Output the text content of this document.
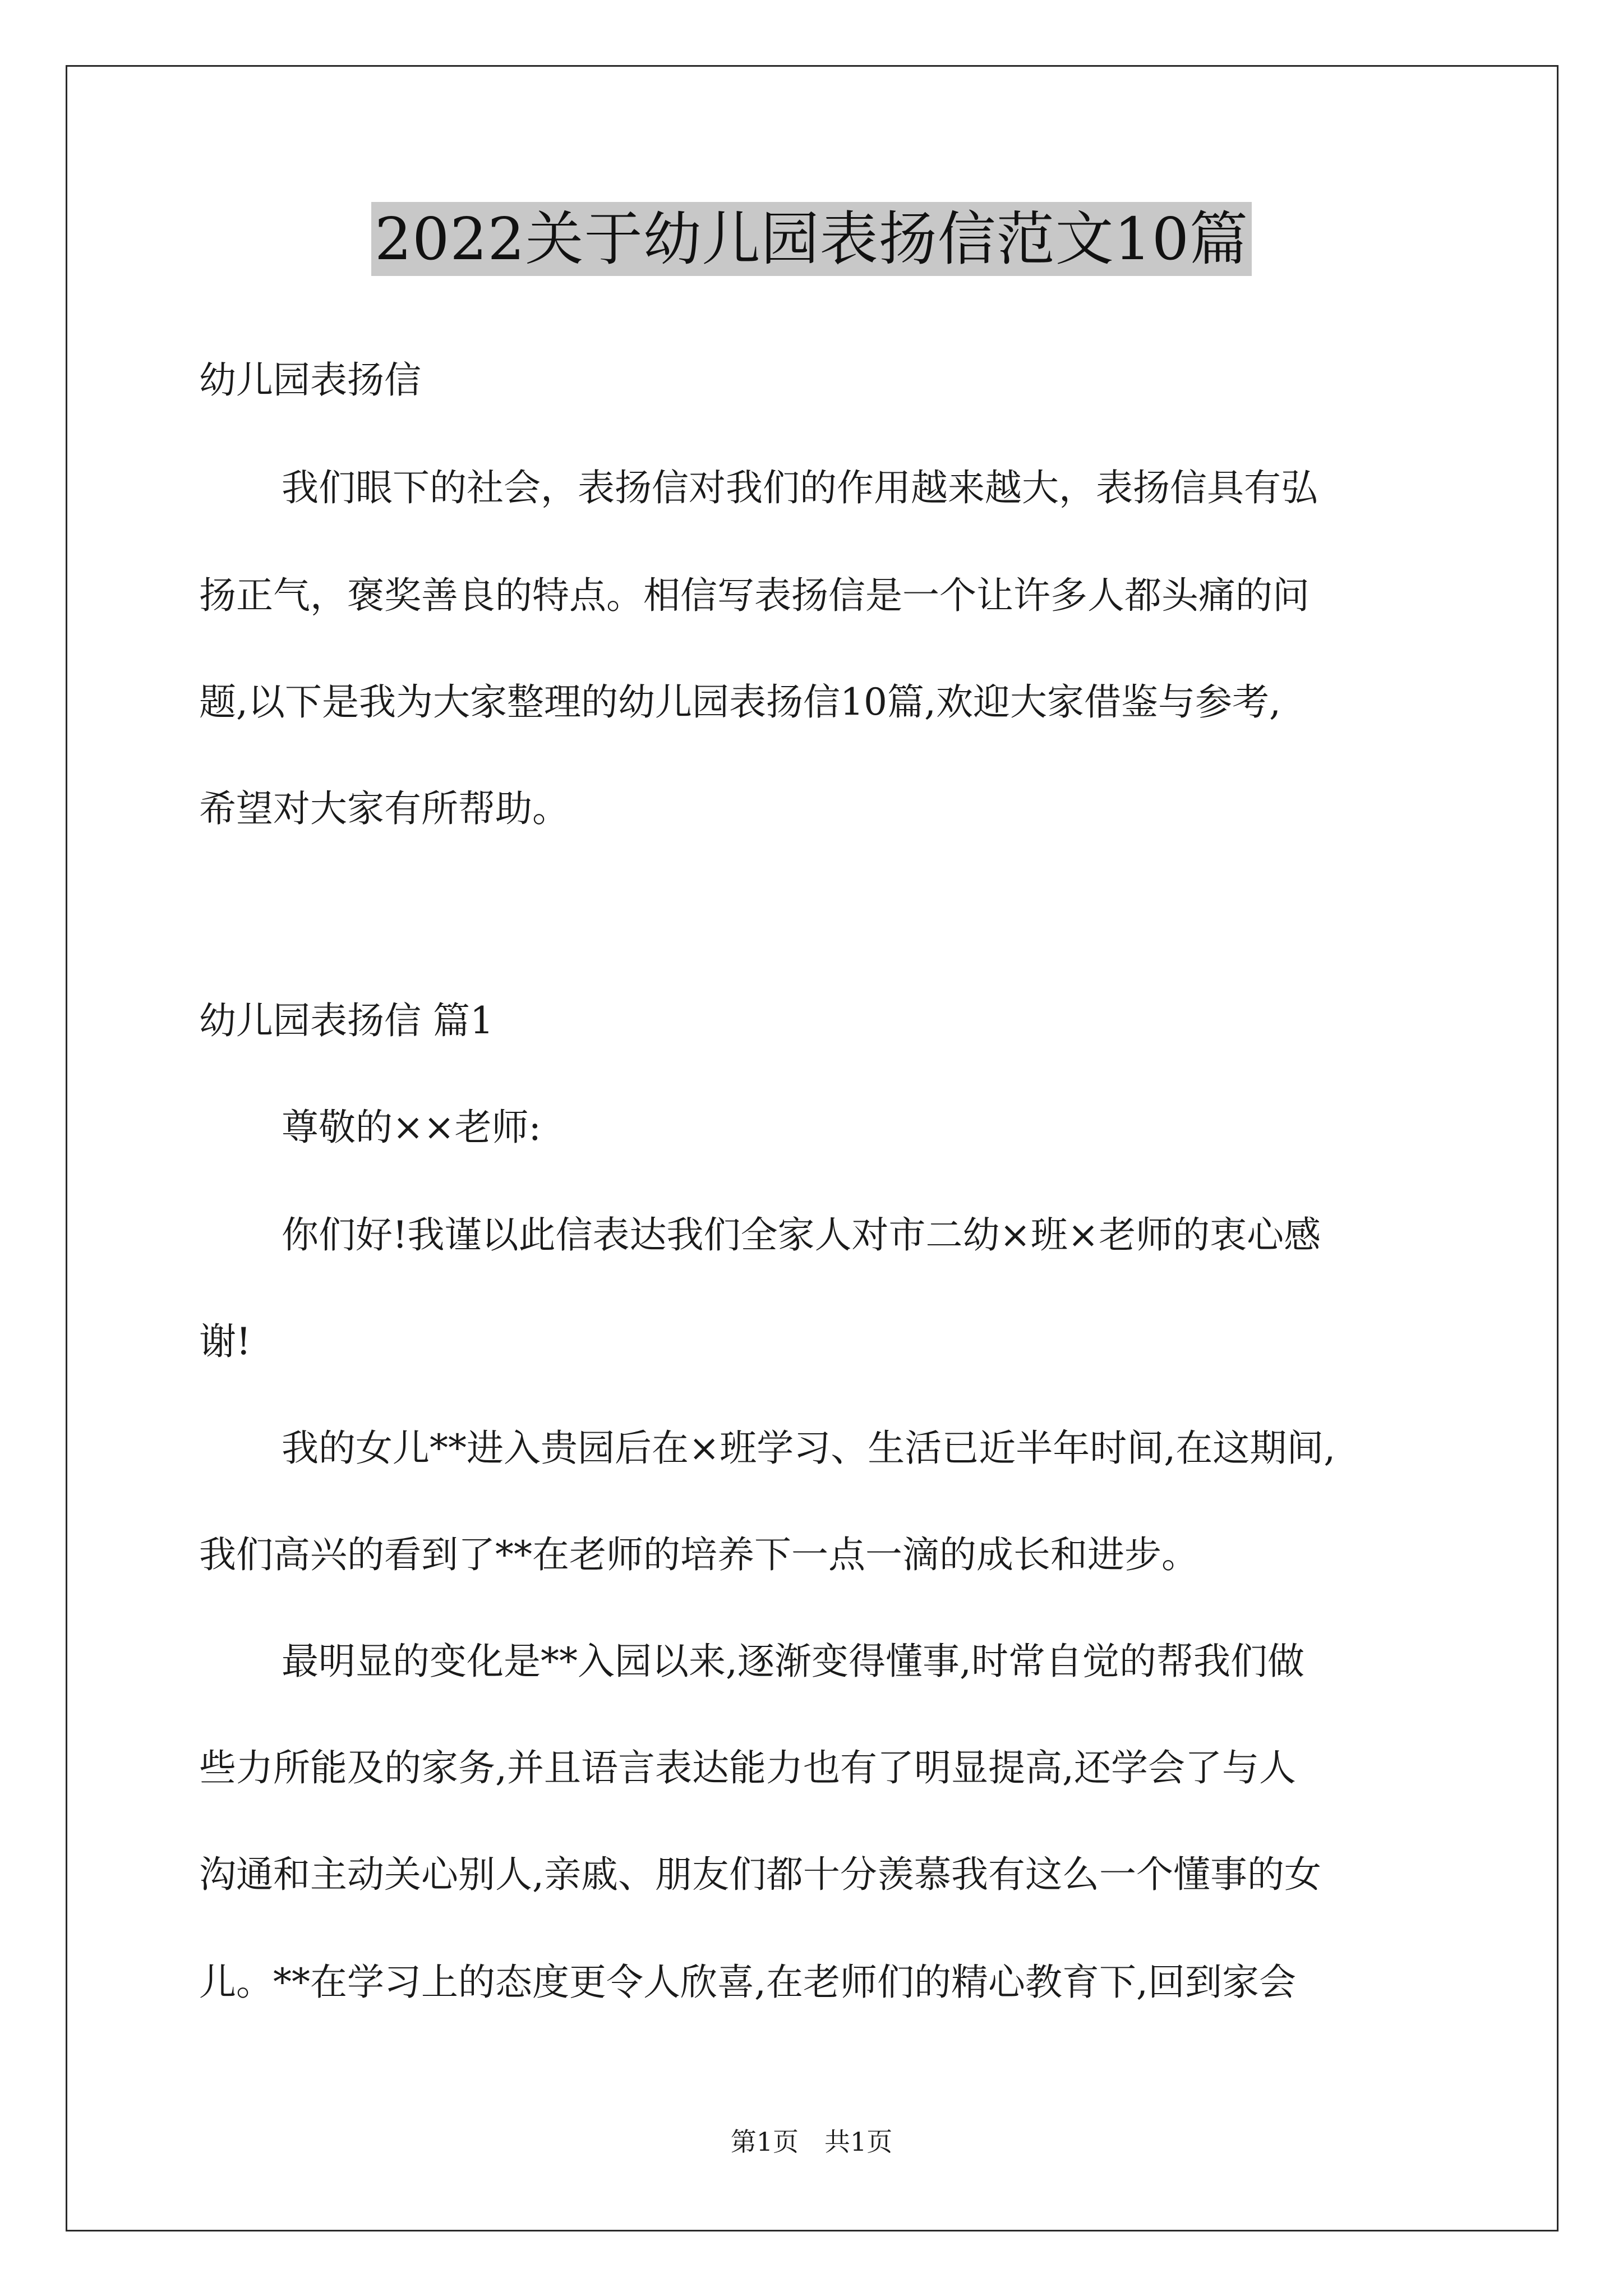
2022关于幼儿园表扬信范文10篇
幼儿园表扬信
我们眼下的社会，表扬信对我们的作用越来越大，表扬信具有弘
扬正气，褒奖善良的特点。相信写表扬信是一个让许多人都头痛的问
题,以下是我为大家整理的幼儿园表扬信10篇,欢迎大家借鉴与参考,
希望对大家有所帮助。
幼儿园表扬信 篇1
尊敬的××老师:
你们好!我谨以此信表达我们全家人对市二幼×班×老师的衷心感
谢!
我的女儿**进入贵园后在×班学习、生活已近半年时间,在这期间,
我们高兴的看到了**在老师的培养下一点一滴的成长和进步。
最明显的变化是**入园以来,逐渐变得懂事,时常自觉的帮我们做
些力所能及的家务,并且语言表达能力也有了明显提高,还学会了与人
沟通和主动关心别人,亲戚、朋友们都十分羡慕我有这么一个懂事的女
儿。**在学习上的态度更令人欣喜,在老师们的精心教育下,回到家会
第1页 共1页
